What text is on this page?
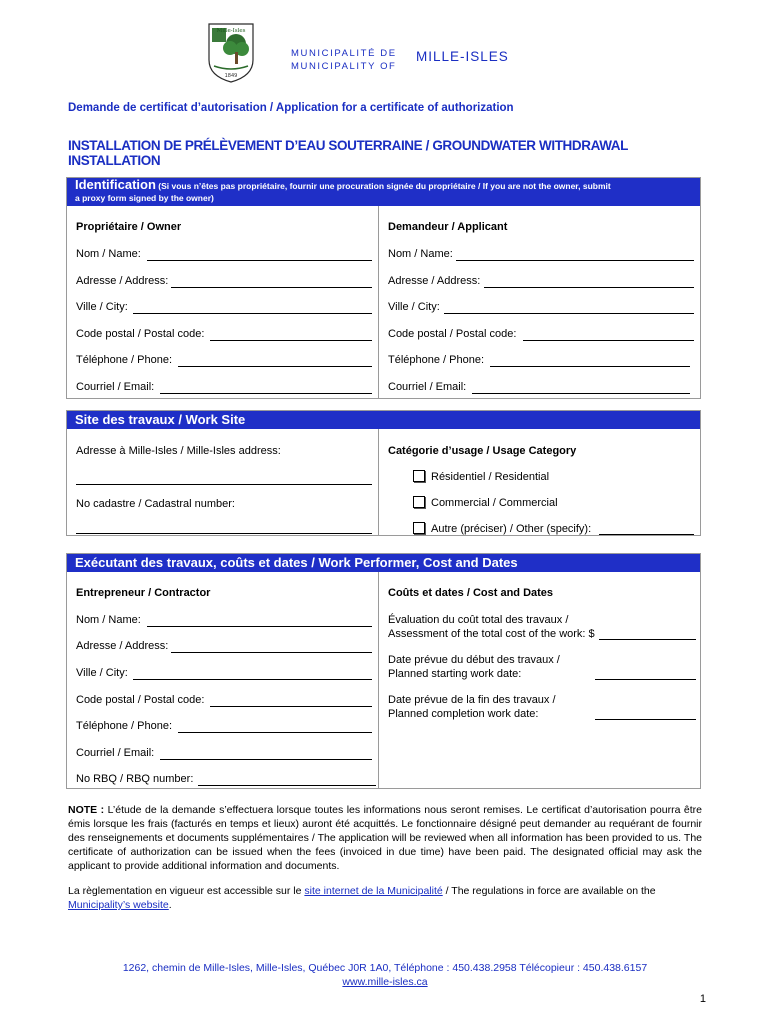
Mille-Isles
1849
MUNICIPALITÉ DE
MUNICIPALITY OF
MILLE-ISLES
Demande de certificat d’autorisation / Application for a certificate of authorization
INSTALLATION DE PRÉLÈVEMENT D’EAU SOUTERRAINE / GROUNDWATER WITHDRAWAL INSTALLATION
Identification (Si vous n’êtes pas propriétaire, fournir une procuration signée du propriétaire / If you are not the owner, submit
a proxy form signed by the owner)
Propriétaire / Owner	Demandeur / Applicant
Nom / Name:
Adresse / Address:
Ville / City:
Code postal / Postal code:
Téléphone / Phone:
Courriel / Email:
Nom / Name:
Adresse / Address:
Ville / City:
Code postal / Postal code:
Téléphone / Phone:
Courriel / Email:
Site des travaux / Work Site
Adresse à Mille-Isles / Mille-Isles address:
No cadastre / Cadastral number:
Catégorie d’usage / Usage Category
Résidentiel / Residential
Commercial / Commercial
Autre (préciser) / Other (specify):
Exécutant des travaux, coûts et dates / Work Performer, Cost and Dates
Entrepreneur / Contractor	Coûts et dates / Cost and Dates
Nom / Name:
Adresse / Address:
Ville / City:
Code postal / Postal code:
Téléphone / Phone:
Courriel / Email:
No RBQ / RBQ number:
Évaluation du coût total des travaux /
Assessment of the total cost of the work: $
Date prévue du début des travaux /
Planned starting work date:
Date prévue de la fin des travaux /
Planned completion work date:
NOTE : L’étude de la demande s’effectuera lorsque toutes les informations nous seront remises. Le certificat d’autorisation pourra être émis lorsque les frais (facturés en temps et lieux) auront été acquittés. Le fonctionnaire désigné peut demander au requérant de fournir des renseignements et documents supplémentaires / The application will be reviewed when all information has been provided to us. The certificate of authorization can be issued when the fees (invoiced in due time) have been paid. The designated official may ask the applicant to provide additional information and documents.
La règlementation en vigueur est accessible sur le site internet de la Municipalité / The regulations in force are available on the Municipality’s website.
1262, chemin de Mille-Isles, Mille-Isles, Québec J0R 1A0, Téléphone : 450.438.2958 Télécopieur : 450.438.6157
www.mille-isles.ca
1
